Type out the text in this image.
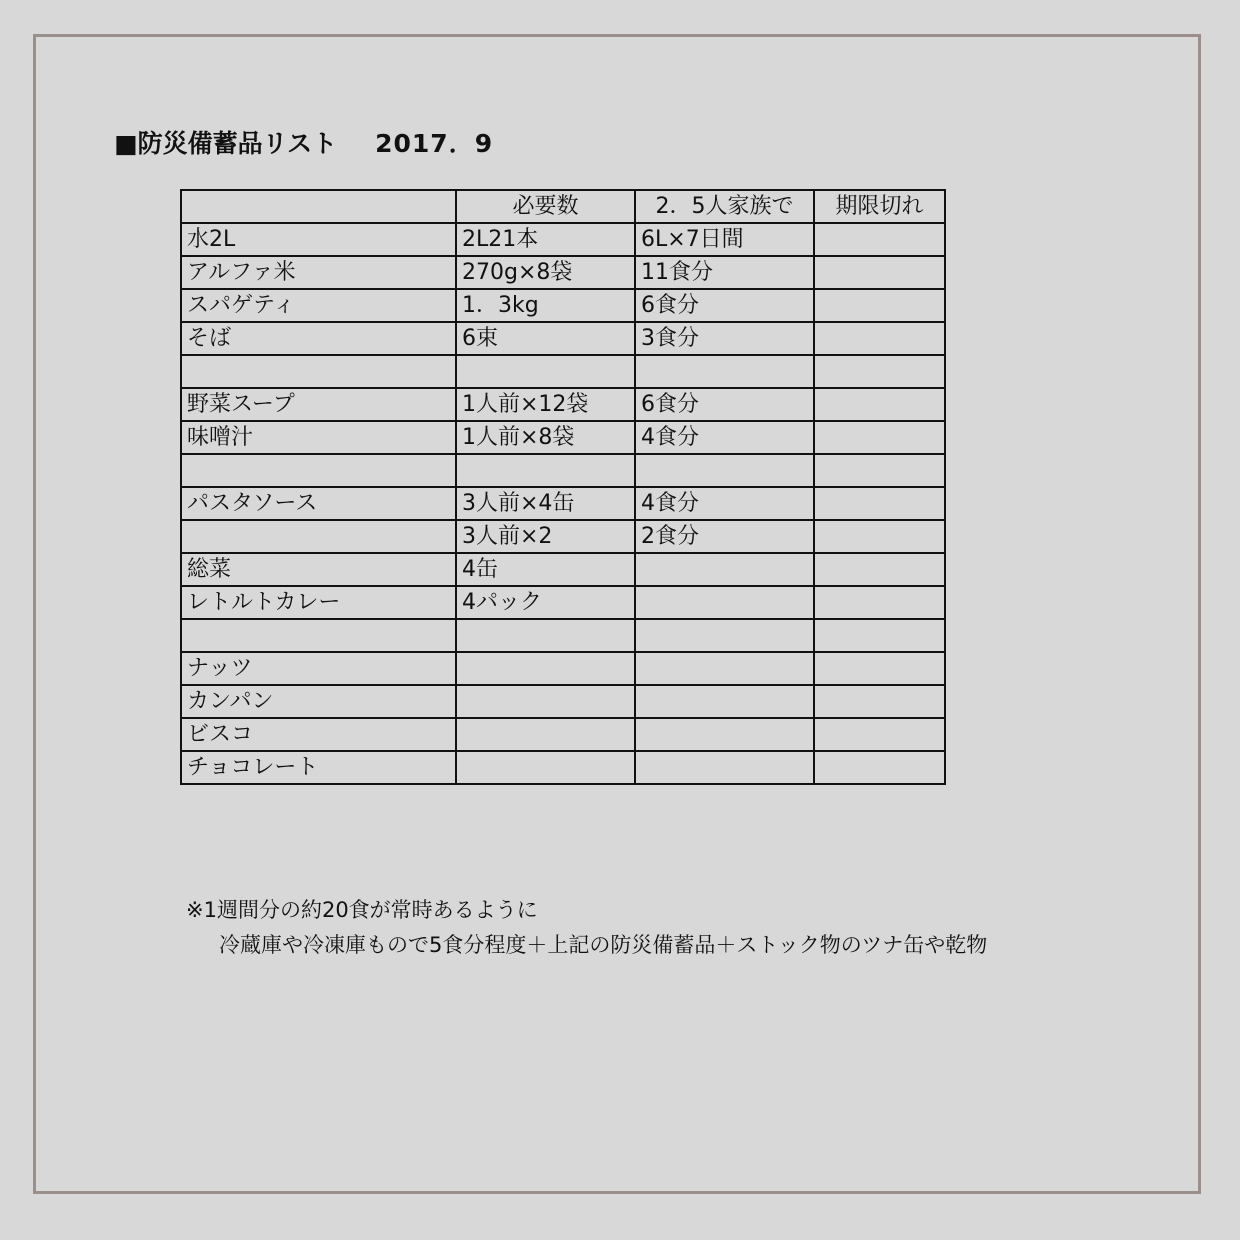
■防災備蓄品リスト 2017．9
	必要数	2．5人家族で	期限切れ
水2L	2L21本	6L×7日間	
アルファ米	270g×8袋	11食分	
スパゲティ	1．3kg	6食分	
そば	6束	3食分	

野菜スープ	1人前×12袋	6食分	
味噌汁	1人前×8袋	4食分	

パスタソース	3人前×4缶	4食分	
	3人前×2	2食分	
総菜	4缶		
レトルトカレー	4パック		

ナッツ			
カンパン			
ビスコ			
チョコレート			
※1週間分の約20食が常時あるように
冷蔵庫や冷凍庫もので5食分程度＋上記の防災備蓄品＋ストック物のツナ缶や乾物
